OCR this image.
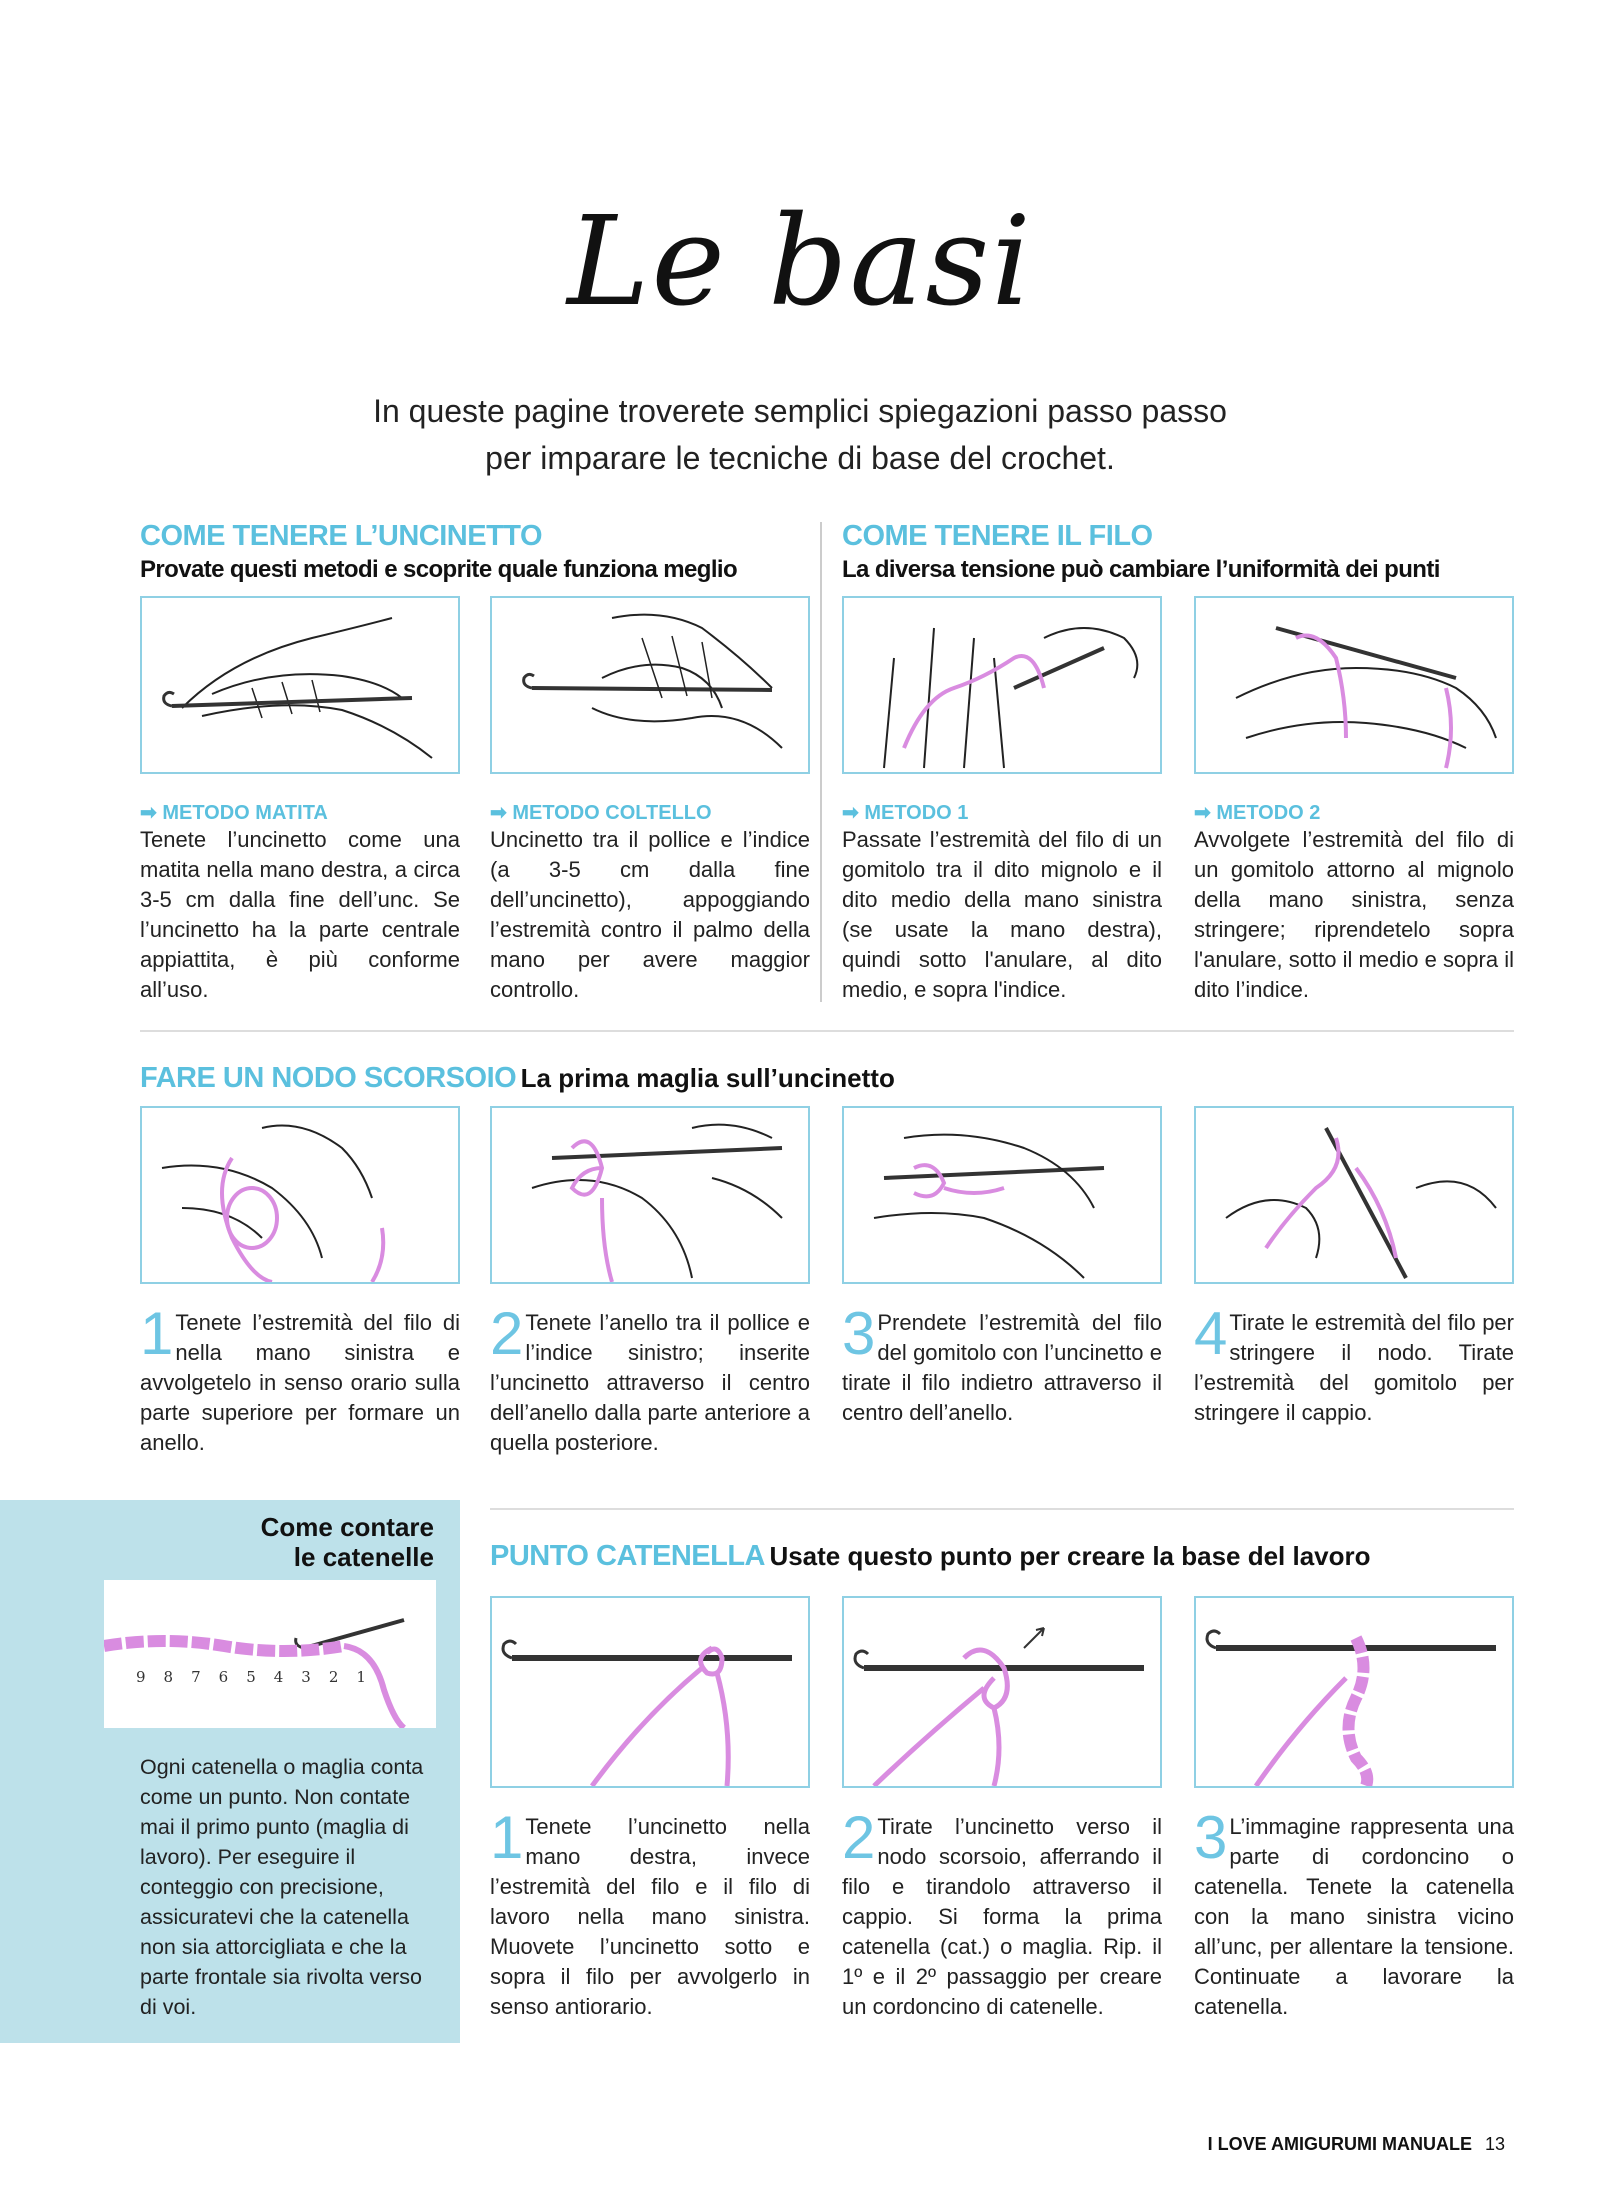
Le basi
In queste pagine troverete semplici spiegazioni passo passo
per imparare le tecniche di base del crochet.
COME TENERE L’UNCINETTO
Provate questi metodi e scoprite quale funziona meglio
COME TENERE IL FILO
La diversa tensione può cambiare l’uniformità dei punti
➡ METODO MATITA
Tenete l’uncinetto come una matita nella mano destra, a circa 3-5 cm dalla fine dell’unc. Se l’uncinetto ha la parte centrale appiattita, è più conforme all’uso.
➡ METODO COLTELLO
Uncinetto tra il pollice e l’indice (a 3-5 cm dalla fine dell’uncinetto), appoggiando l’estremità contro il palmo della mano per avere maggior controllo.
➡ METODO 1
Passate l’estremità del filo di un gomitolo tra il dito mignolo e il dito medio della mano sinistra (se usate la mano destra), quindi sotto l'anulare, al dito medio, e sopra l'indice.
➡ METODO 2
Avvolgete l’estremità del filo di un gomitolo attorno al mignolo della mano sinistra, senza stringere; riprendetelo sopra l'anulare, sotto il medio e sopra il dito l’indice.
FARE UN NODO SCORSOIO La prima maglia sull’uncinetto
1 Tenete l’estremità del filo di nella mano sinistra e avvolgetelo in senso orario sulla parte superiore per formare un anello.
2 Tenete l’anello tra il pollice e l’indice sinistro; inserite l’uncinetto attraverso il centro dell’anello dalla parte anteriore a quella posteriore.
3 Prendete l’estremità del filo del gomitolo con l’uncinetto e tirate il filo indietro attraverso il centro dell’anello.
4 Tirate le estremità del filo per stringere il nodo. Tirate l’estremità del gomitolo per stringere il cappio.
Come contare
le catenelle
987654321
Ogni catenella o maglia conta come un punto. Non contate mai il primo punto (maglia di lavoro). Per eseguire il conteggio con precisione, assicuratevi che la catenella non sia attorcigliata e che la parte frontale sia rivolta verso di voi.
PUNTO CATENELLA Usate questo punto per creare la base del lavoro
1 Tenete l’uncinetto nella mano destra, invece l’estremità del filo e il filo di lavoro nella mano sinistra. Muovete l’uncinetto sotto e sopra il filo per avvolgerlo in senso antiorario.
2 Tirate l’uncinetto verso il nodo scorsoio, afferrando il filo e tirandolo attraverso il cappio. Si forma la prima catenella (cat.) o maglia. Rip. il 1º e il 2º passaggio per creare un cordoncino di catenelle.
3 L’immagine rappresenta una parte di cordoncino o catenella. Tenete la catenella con la mano sinistra vicino all’unc, per allentare la tensione. Continuate a lavorare la catenella.
I LOVE AMIGURUMI MANUALE 13
